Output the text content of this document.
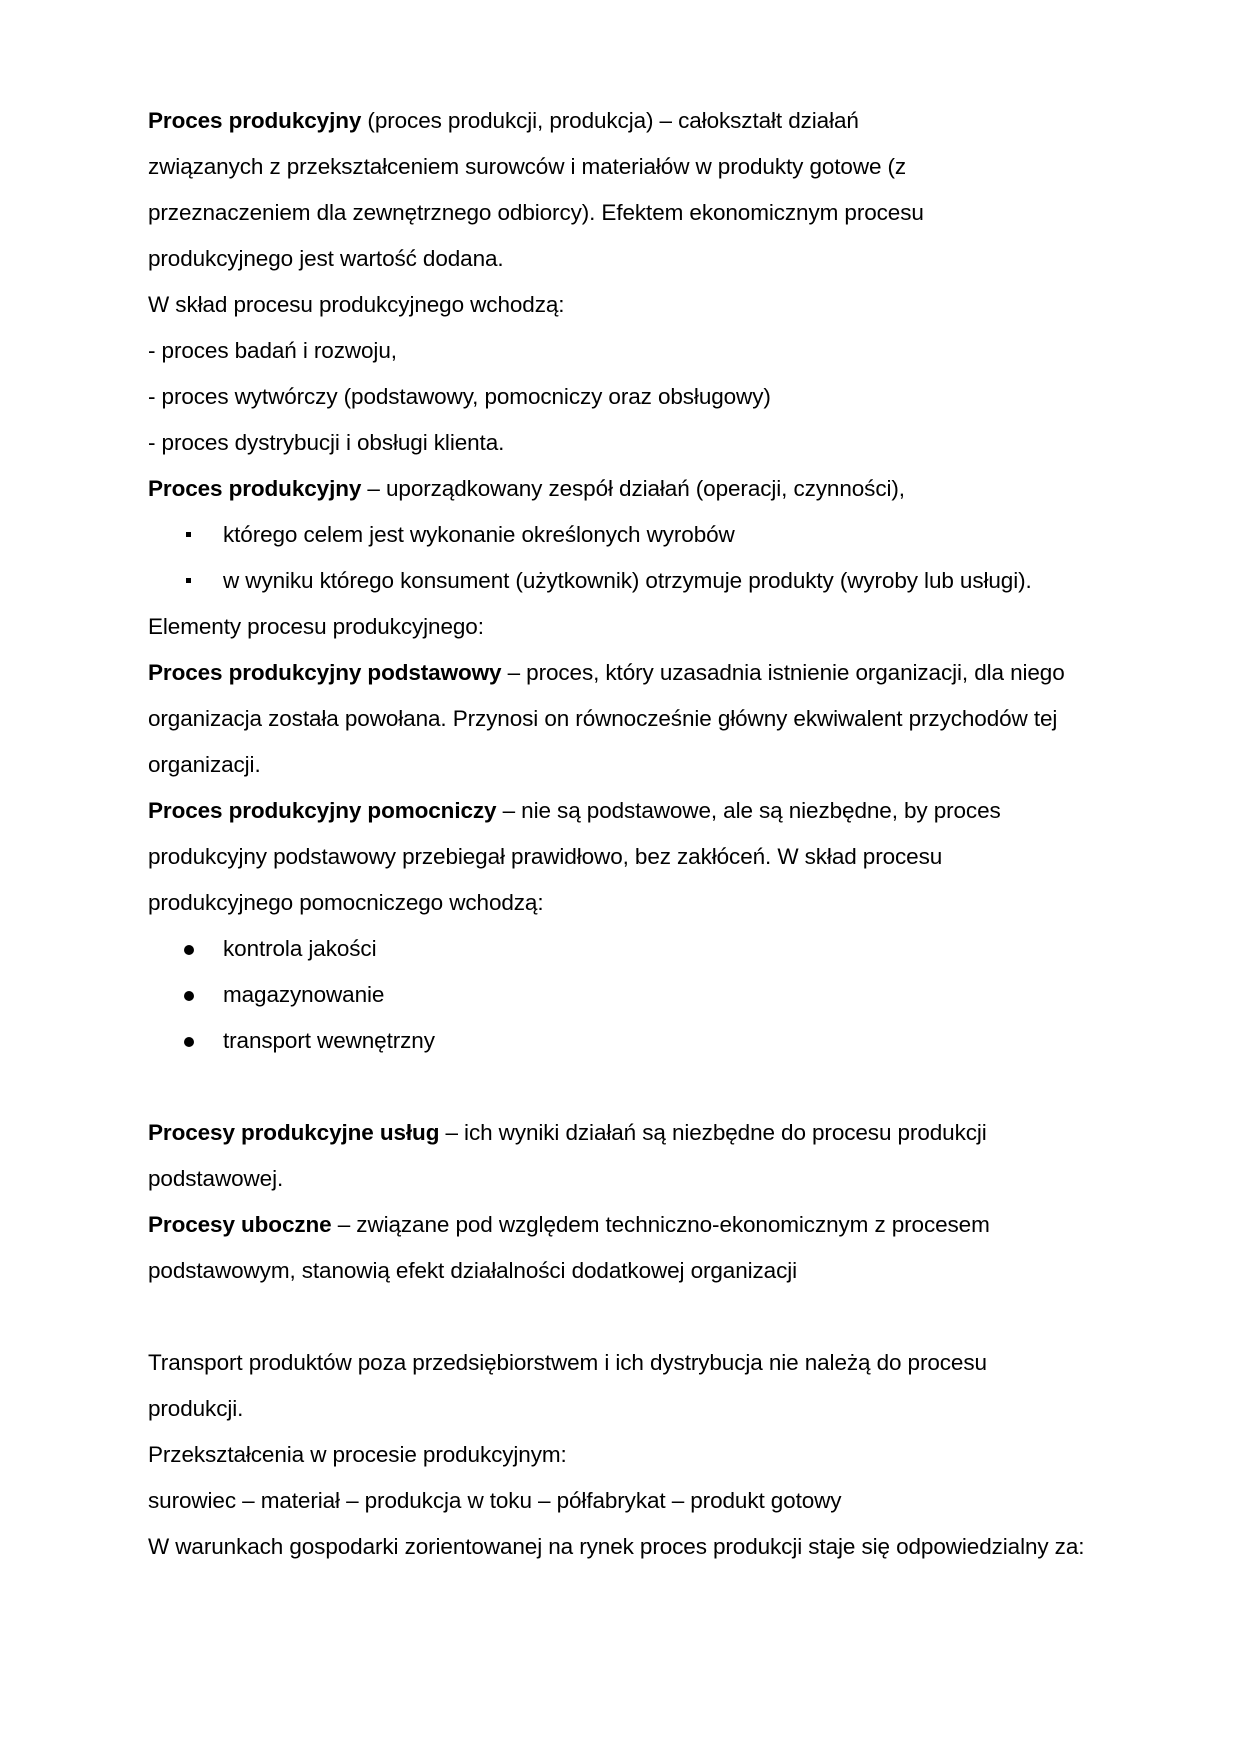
Proces produkcyjny (proces produkcji, produkcja) – całokształt działań związanych z przekształceniem surowców i materiałów w produkty gotowe (z przeznaczeniem dla zewnętrznego odbiorcy). Efektem ekonomicznym procesu produkcyjnego jest wartość dodana.

W skład procesu produkcyjnego wchodzą:

- proces badań i rozwoju,

- proces wytwórczy (podstawowy, pomocniczy oraz obsługowy)

- proces dystrybucji i obsługi klienta.

Proces produkcyjny – uporządkowany zespół działań (operacji, czynności),

którego celem jest wykonanie określonych wyrobów
w wyniku którego konsument (użytkownik) otrzymuje produkty (wyroby lub usługi).

Elementy procesu produkcyjnego:

Proces produkcyjny podstawowy – proces, który uzasadnia istnienie organizacji, dla niego organizacja została powołana. Przynosi on równocześnie główny ekwiwalent przychodów tej organizacji.

Proces produkcyjny pomocniczy – nie są podstawowe, ale są niezbędne, by proces produkcyjny podstawowy przebiegał prawidłowo, bez zakłóceń. W skład procesu produkcyjnego pomocniczego wchodzą:

kontrola jakości
magazynowanie
transport wewnętrzny

Procesy produkcyjne usług – ich wyniki działań są niezbędne do procesu produkcji podstawowej.

Procesy uboczne – związane pod względem techniczno-ekonomicznym z procesem podstawowym, stanowią efekt działalności dodatkowej organizacji

Transport produktów poza przedsiębiorstwem i ich dystrybucja nie należą do procesu produkcji.

Przekształcenia w procesie produkcyjnym:

surowiec – materiał – produkcja w toku – półfabrykat – produkt gotowy

W warunkach gospodarki zorientowanej na rynek proces produkcji staje się odpowiedzialny za:
